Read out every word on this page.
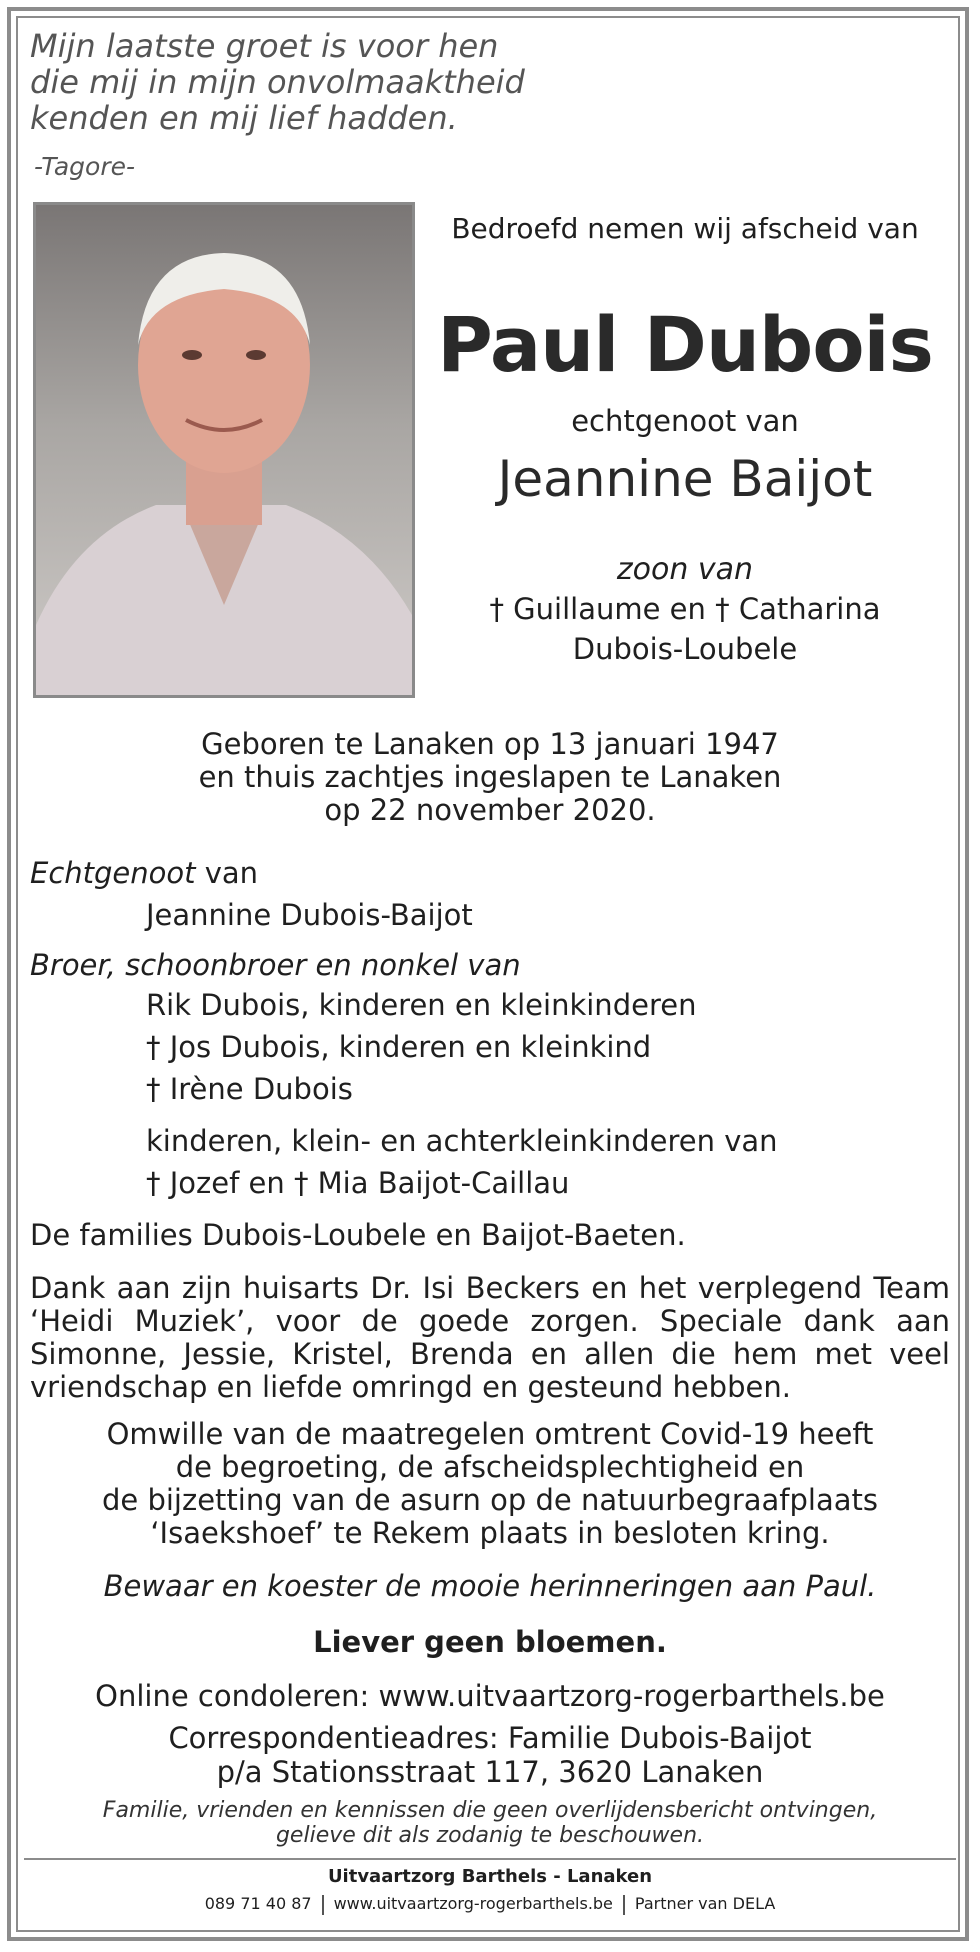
Mijn laatste groet is voor hen
die mij in mijn onvolmaaktheid
kenden en mij lief hadden.
-Tagore-
Bedroefd nemen wij afscheid van
Paul Dubois
echtgenoot van
Jeannine Baijot
zoon van
† Guillaume en † Catharina
Dubois-Loubele
Geboren te Lanaken op 13 januari 1947
en thuis zachtjes ingeslapen te Lanaken
op 22 november 2020.
Echtgenoot van
Jeannine Dubois-Baijot
Broer, schoonbroer en nonkel van
Rik Dubois, kinderen en kleinkinderen
† Jos Dubois, kinderen en kleinkind
† Irène Dubois
kinderen, klein- en achterkleinkinderen van
† Jozef en † Mia Baijot-Caillau
De families Dubois-Loubele en Baijot-Baeten.
Dank aan zijn huisarts Dr. Isi Beckers en het verplegend Team ‘Heidi Muziek’, voor de goede zorgen. Speciale dank aan Simonne, Jessie, Kristel, Brenda en allen die hem met veel vriendschap en liefde omringd en gesteund hebben.
Omwille van de maatregelen omtrent Covid-19 heeft
de begroeting, de afscheidsplechtigheid en
de bijzetting van de asurn op de natuurbegraafplaats
‘Isaekshoef’ te Rekem plaats in besloten kring.
Bewaar en koester de mooie herinneringen aan Paul.
Liever geen bloemen.
Online condoleren: www.uitvaartzorg-rogerbarthels.be
Correspondentieadres: Familie Dubois-Baijot
p/a Stationsstraat 117, 3620 Lanaken
Familie, vrienden en kennissen die geen overlijdensbericht ontvingen,
gelieve dit als zodanig te beschouwen.
Uitvaartzorg Barthels - Lanaken
089 71 40 87 www.uitvaartzorg-rogerbarthels.be Partner van DELA
